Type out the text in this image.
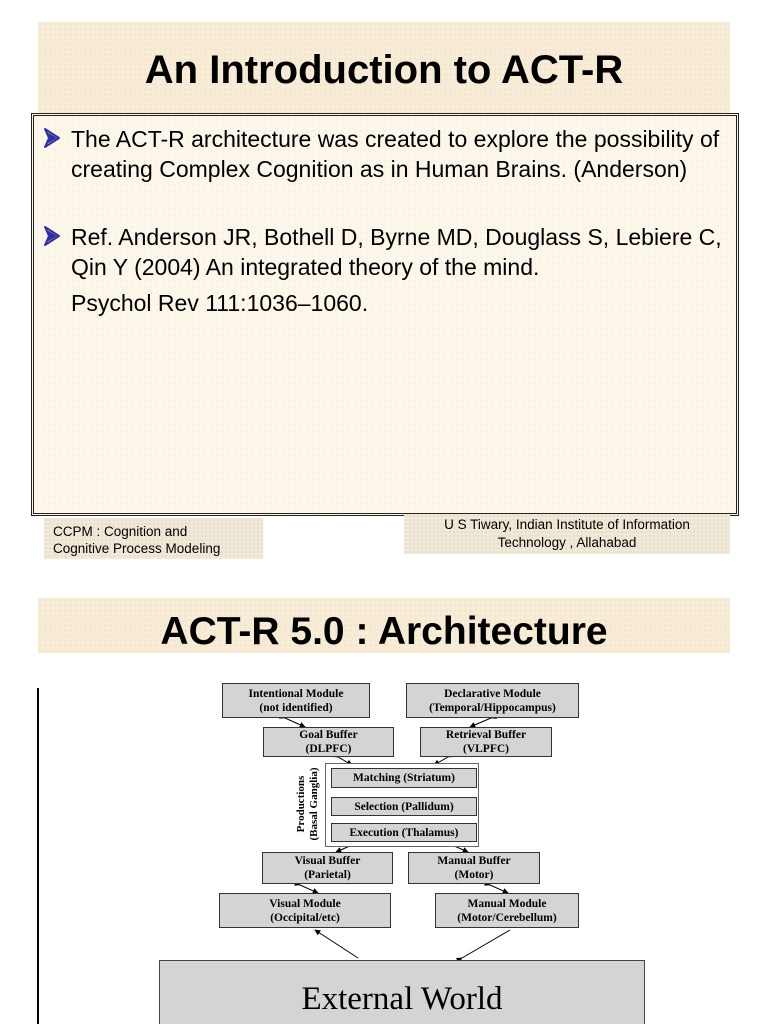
An Introduction to ACT-R
The ACT-R architecture was created to explore the possibility of creating Complex Cognition as in Human Brains. (Anderson)
Ref. Anderson JR, Bothell D, Byrne MD, Douglass S, Lebiere C, Qin Y (2004) An integrated theory of the mind.
Psychol Rev 111:1036–1060.
CCPM : Cognition and
Cognitive Process Modeling
U S Tiwary, Indian Institute of Information
Technology , Allahabad
ACT-R 5.0 : Architecture
Intentional Module
(not identified)
Declarative Module
(Temporal/Hippocampus)
Goal Buffer
(DLPFC)
Retrieval Buffer
(VLPFC)
Productions (Basal Ganglia)	Matching (Striatum)
Selection (Pallidum)
Execution (Thalamus)
Visual Buffer
(Parietal)
Manual Buffer
(Motor)
Visual Module
(Occipital/etc)
Manual Module
(Motor/Cerebellum)
External World
